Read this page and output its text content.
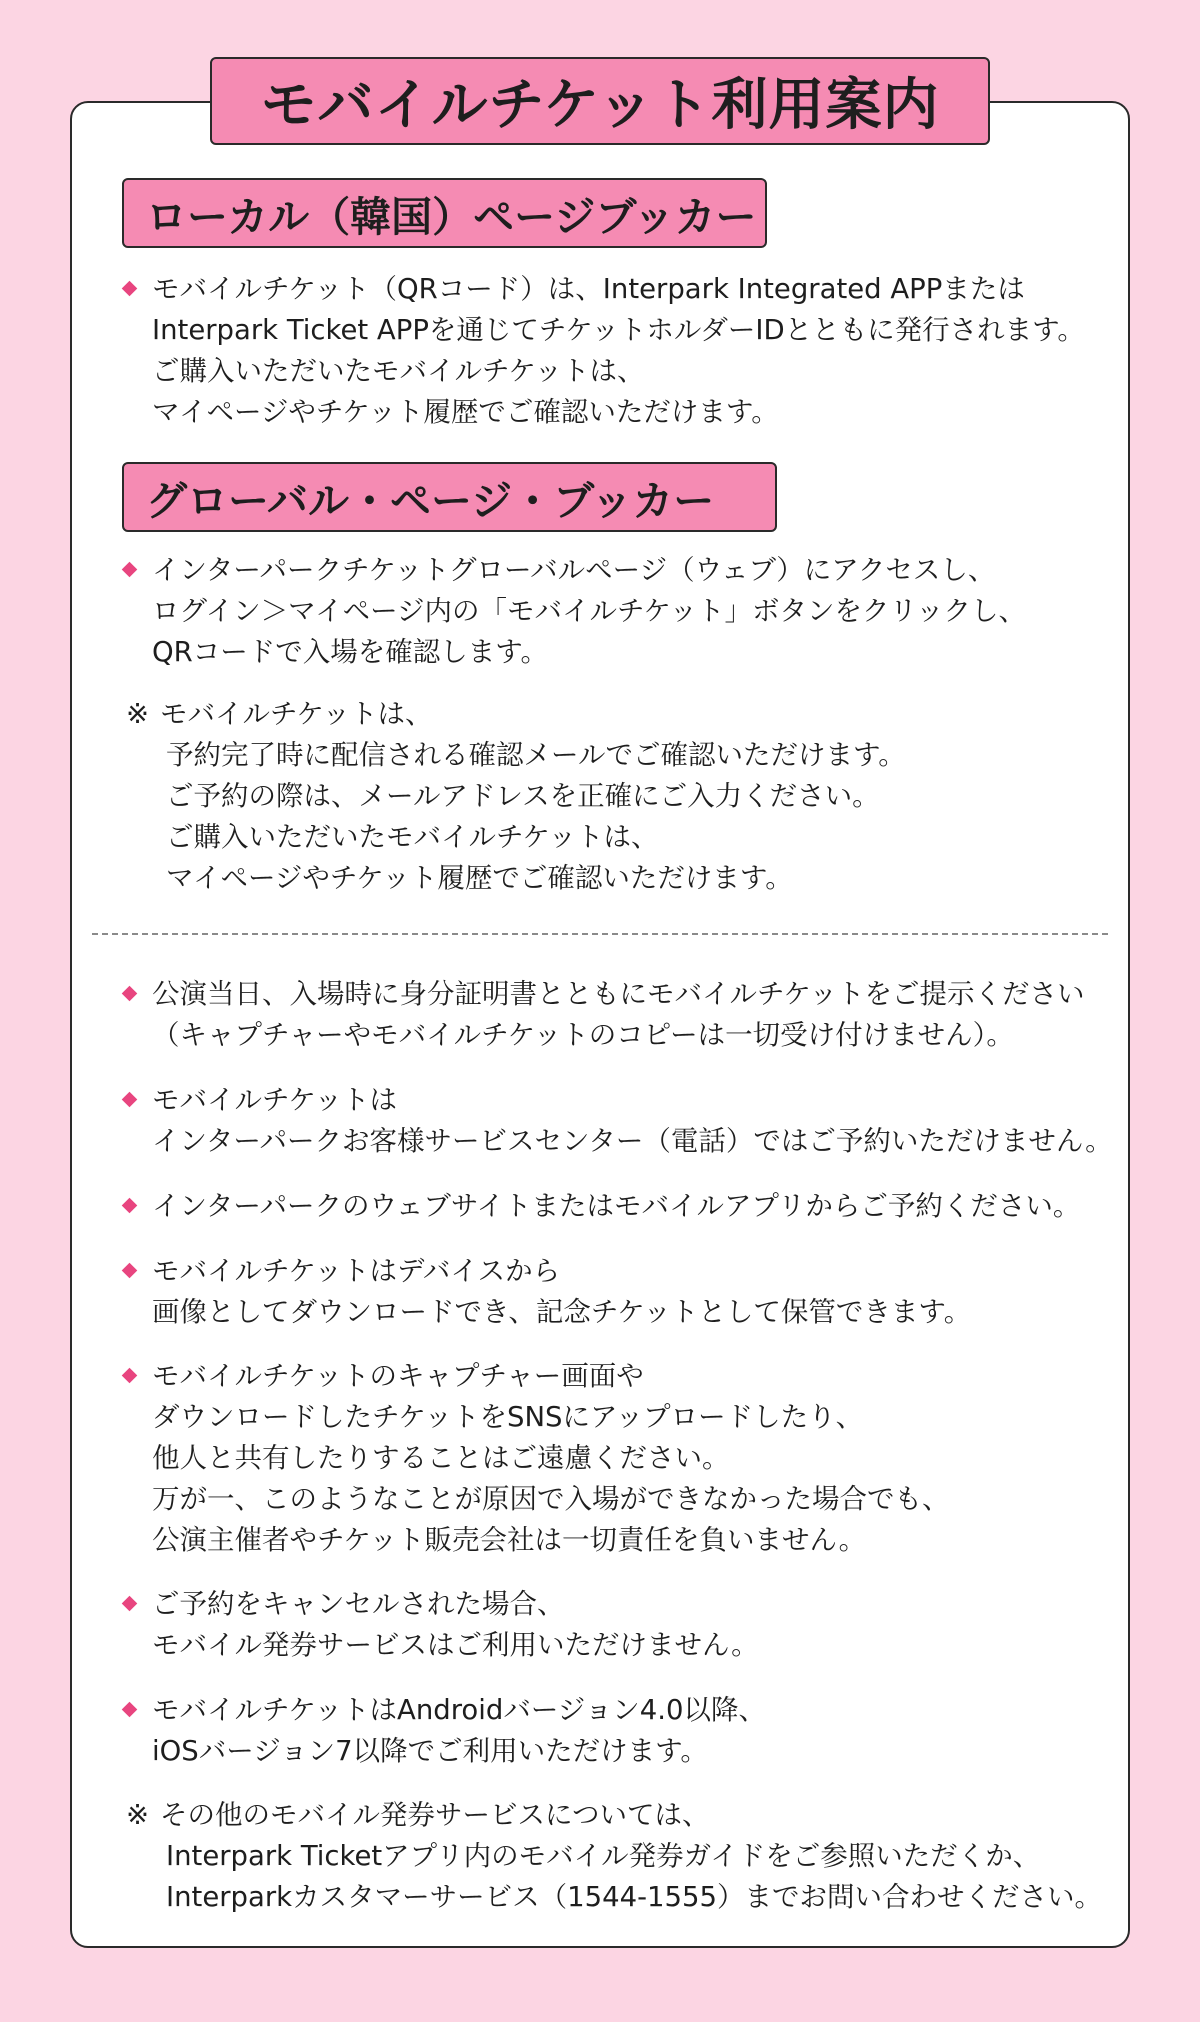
モバイルチケット利用案内
ローカル（韓国）ページブッカー
モバイルチケット（QRコード）は、Interpark Integrated APPまたは
Interpark Ticket APPを通じてチケットホルダーIDとともに発行されます。
ご購入いただいたモバイルチケットは、
マイページやチケット履歴でご確認いただけます。
グローバル・ページ・ブッカー
インターパークチケットグローバルページ（ウェブ）にアクセスし、
ログイン＞マイページ内の「モバイルチケット」ボタンをクリックし、
QRコードで入場を確認します。
※ モバイルチケットは、
予約完了時に配信される確認メールでご確認いただけます。
ご予約の際は、メールアドレスを正確にご入力ください。
ご購入いただいたモバイルチケットは、
マイページやチケット履歴でご確認いただけます。
公演当日、入場時に身分証明書とともにモバイルチケットをご提示ください
（キャプチャーやモバイルチケットのコピーは一切受け付けません）。
モバイルチケットは
インターパークお客様サービスセンター（電話）ではご予約いただけません。
インターパークのウェブサイトまたはモバイルアプリからご予約ください。
モバイルチケットはデバイスから
画像としてダウンロードでき、記念チケットとして保管できます。
モバイルチケットのキャプチャー画面や
ダウンロードしたチケットをSNSにアップロードしたり、
他人と共有したりすることはご遠慮ください。
万が一、このようなことが原因で入場ができなかった場合でも、
公演主催者やチケット販売会社は一切責任を負いません。
ご予約をキャンセルされた場合、
モバイル発券サービスはご利用いただけません。
モバイルチケットはAndroidバージョン4.0以降、
iOSバージョン7以降でご利用いただけます。
※ その他のモバイル発券サービスについては、
Interpark Ticketアプリ内のモバイル発券ガイドをご参照いただくか、
Interparkカスタマーサービス（1544-1555）までお問い合わせください。
